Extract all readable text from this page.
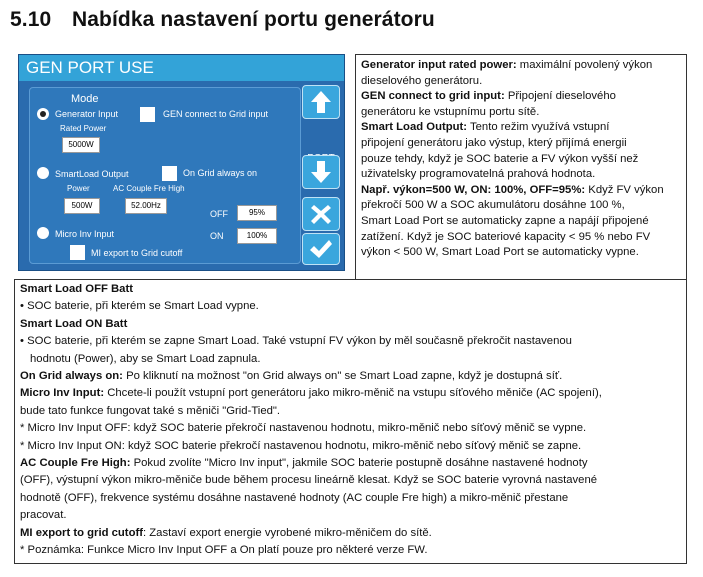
5.10 Nabídka nastavení portu generátoru
GEN PORT USE
Mode
Generator Input	GEN connect to Grid input
Rated Power
5000W
SmartLoad Output	On Grid always on
Power	AC Couple Fre High
500W	52.00Hz
OFF	95%
ON	100%
Micro Inv Input
MI export to Grid cutoff

Generator input rated power: maximální povolený výkon

dieselového generátoru.

GEN connect to grid input: Připojení dieselového

generátoru ke vstupnímu portu sítě.

Smart Load Output: Tento režim využívá vstupní

připojení generátoru jako výstup, který přijímá energii

pouze tehdy, když je SOC baterie a FV výkon vyšší než

uživatelsky programovatelná prahová hodnota.

Např. výkon=500 W, ON: 100%, OFF=95%: Když FV výkon

překročí 500 W a SOC akumulátoru dosáhne 100 %,

Smart Load Port se automaticky zapne a napájí připojené

zatížení. Když je SOC bateriové kapacity < 95 % nebo FV

výkon < 500 W, Smart Load Port se automaticky vypne.

Smart Load OFF Batt

• SOC baterie, při kterém se Smart Load vypne.

Smart Load ON Batt

• SOC baterie, při kterém se zapne Smart Load. Také vstupní FV výkon by měl současně překročit nastavenou

hodnotu (Power), aby se Smart Load zapnula.

On Grid always on: Po kliknutí na možnost "on Grid always on" se Smart Load zapne, když je dostupná síť.

Micro Inv Input: Chcete-li použít vstupní port generátoru jako mikro-měnič na vstupu síťového měniče (AC spojení),

bude tato funkce fungovat také s měniči "Grid-Tied".

* Micro Inv Input OFF: když SOC baterie překročí nastavenou hodnotu, mikro-měnič nebo síťový měnič se vypne.

* Micro Inv Input ON: když SOC baterie překročí nastavenou hodnotu, mikro-měnič nebo síťový měnič se zapne.

AC Couple Fre High: Pokud zvolíte "Micro Inv input", jakmile SOC baterie postupně dosáhne nastavené hodnoty

(OFF), výstupní výkon mikro-měniče bude během procesu lineárně klesat. Když se SOC baterie vyrovná nastavené

hodnotě (OFF), frekvence systému dosáhne nastavené hodnoty (AC couple Fre high) a mikro-měnič přestane

pracovat.

MI export to grid cutoff: Zastaví export energie vyrobené mikro-měničem do sítě.

* Poznámka: Funkce Micro Inv Input OFF a On platí pouze pro některé verze FW.
